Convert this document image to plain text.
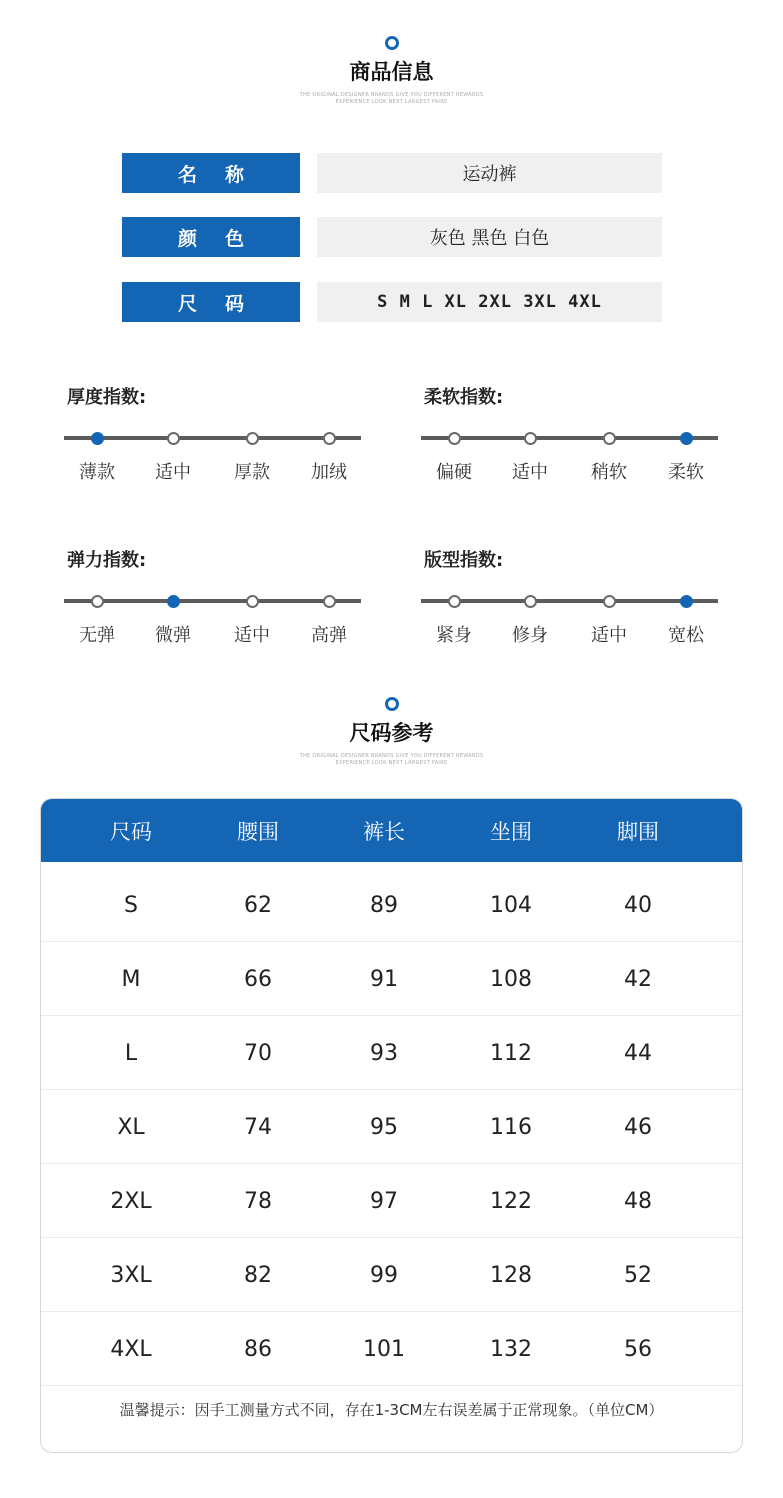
商品信息
THE ORIGINAL DESIGNER BRANDS GIVE YOU DIFFERENT REWARDS
EXPERIENCE LOOK NEXT LARGEST FAIRE
名称	运动裤
颜色	灰色 黑色 白色
尺码	S M L XL 2XL 3XL 4XL
厚度指数:
薄款	适中	厚款	加绒
柔软指数:
偏硬	适中	稍软	柔软
弹力指数:
无弹	微弹	适中	高弹
版型指数:
紧身	修身	适中	宽松
尺码参考
THE ORIGINAL DESIGNER BRANDS GIVE YOU DIFFERENT REWARDS
EXPERIENCE LOOK NEXT LARGEST FAIRE
尺码	腰围	裤长	坐围	脚围
S	62	89	104	40
M	66	91	108	42
L	70	93	112	44
XL	74	95	116	46
2XL	78	97	122	48
3XL	82	99	128	52
4XL	86	101	132	56
温馨提示：因手工测量方式不同，存在1-3CM左右误差属于正常现象。（单位CM）
